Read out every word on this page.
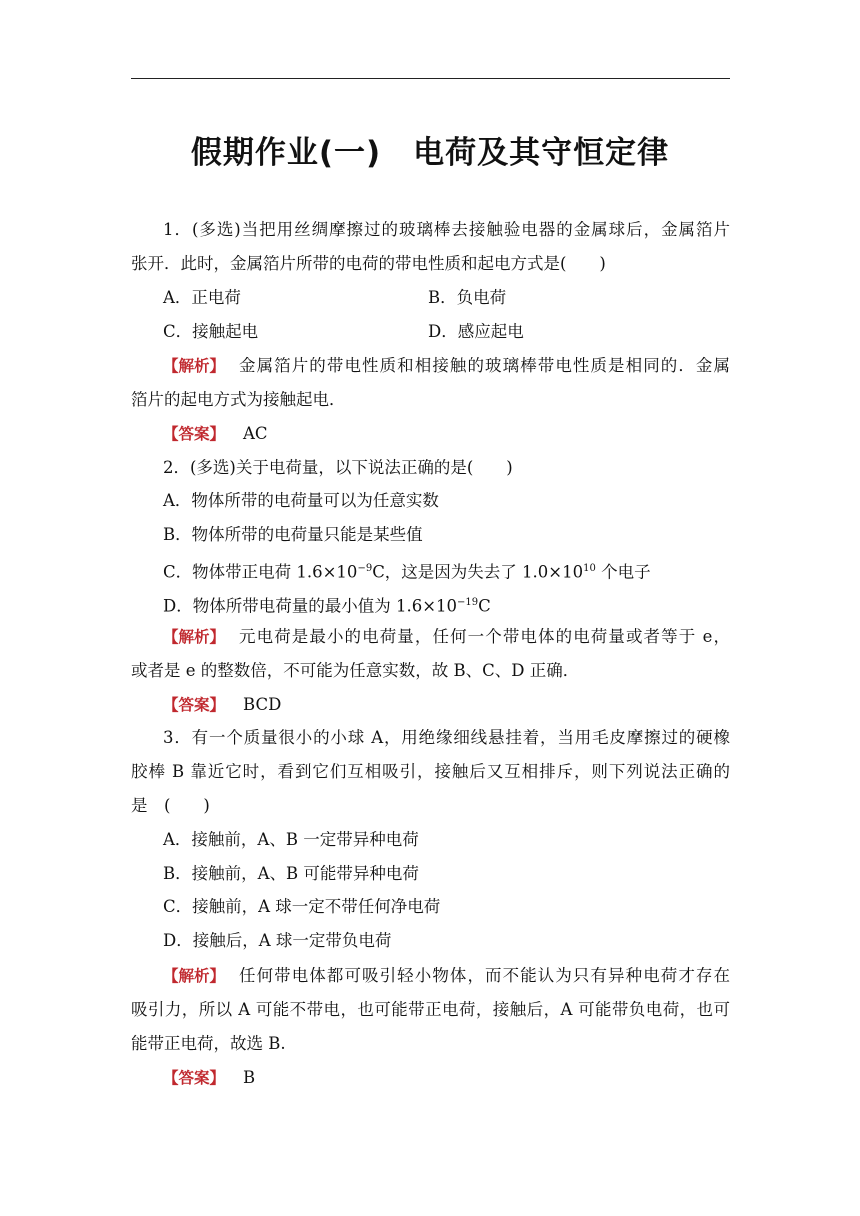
假期作业(一)　电荷及其守恒定律
1．(多选)当把用丝绸摩擦过的玻璃棒去接触验电器的金属球后，金属箔片
张开．此时，金属箔片所带的电荷的带电性质和起电方式是(　　)
A．正电荷	B．负电荷
C．接触起电	D．感应起电
【解析】 金属箔片的带电性质和相接触的玻璃棒带电性质是相同的．金属
箔片的起电方式为接触起电．
【答案】 AC
2．(多选)关于电荷量，以下说法正确的是(　　)
A．物体所带的电荷量可以为任意实数
B．物体所带的电荷量只能是某些值
C．物体带正电荷 $1.6\times 10^{-9}C$，这是因为失去了 $1.0\times 10^{10}$ 个电子
D．物体所带电荷量的最小值为 $1.6\times 10^{-19}C$
【解析】 元电荷是最小的电荷量，任何一个带电体的电荷量或者等于 e，
或者是 e 的整数倍，不可能为任意实数，故 B、C、D 正确．
【答案】 BCD
3．有一个质量很小的小球 A，用绝缘细线悬挂着，当用毛皮摩擦过的硬橡
胶棒 B 靠近它时，看到它们互相吸引，接触后又互相排斥，则下列说法正确的
是　(　　)
A．接触前，A、B 一定带异种电荷
B．接触前，A、B 可能带异种电荷
C．接触前，A 球一定不带任何净电荷
D．接触后，A 球一定带负电荷
【解析】 任何带电体都可吸引轻小物体，而不能认为只有异种电荷才存在
吸引力，所以 A 可能不带电，也可能带正电荷，接触后，A 可能带负电荷，也可
能带正电荷，故选 B.
【答案】 B
